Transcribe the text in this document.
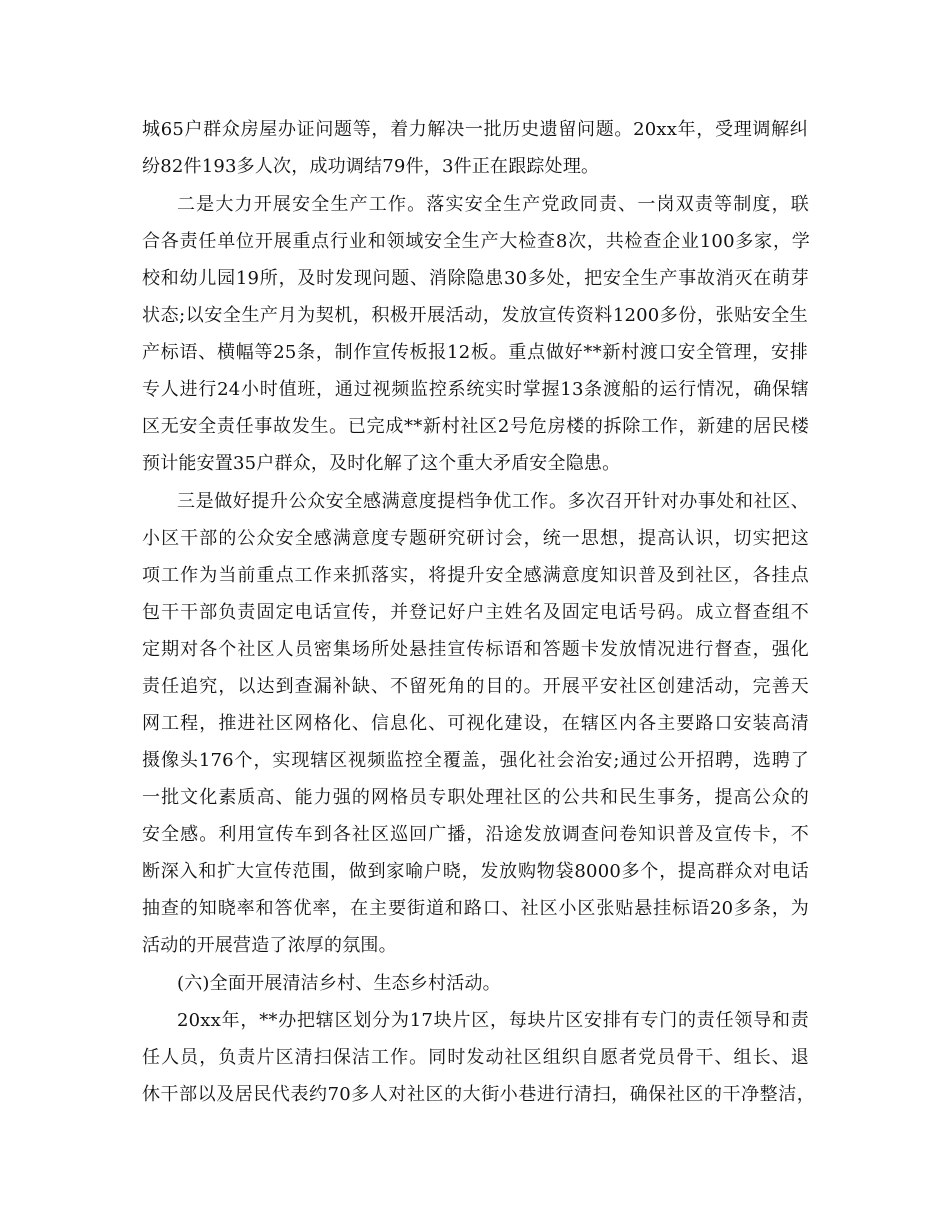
城65户群众房屋办证问题等，着力解决一批历史遗留问题。20xx年，受理调解纠
纷82件193多人次，成功调结79件，3件正在跟踪处理。
二是大力开展安全生产工作。落实安全生产党政同责、一岗双责等制度，联
合各责任单位开展重点行业和领域安全生产大检查8次，共检查企业100多家，学
校和幼儿园19所，及时发现问题、消除隐患30多处，把安全生产事故消灭在萌芽
状态;以安全生产月为契机，积极开展活动，发放宣传资料1200多份，张贴安全生
产标语、横幅等25条，制作宣传板报12板。重点做好**新村渡口安全管理，安排
专人进行24小时值班，通过视频监控系统实时掌握13条渡船的运行情况，确保辖
区无安全责任事故发生。已完成**新村社区2号危房楼的拆除工作，新建的居民楼
预计能安置35户群众，及时化解了这个重大矛盾安全隐患。
三是做好提升公众安全感满意度提档争优工作。多次召开针对办事处和社区、
小区干部的公众安全感满意度专题研究研讨会，统一思想，提高认识，切实把这
项工作为当前重点工作来抓落实，将提升安全感满意度知识普及到社区，各挂点
包干干部负责固定电话宣传，并登记好户主姓名及固定电话号码。成立督查组不
定期对各个社区人员密集场所处悬挂宣传标语和答题卡发放情况进行督查，强化
责任追究，以达到查漏补缺、不留死角的目的。开展平安社区创建活动，完善天
网工程，推进社区网格化、信息化、可视化建设，在辖区内各主要路口安装高清
摄像头176个，实现辖区视频监控全覆盖，强化社会治安;通过公开招聘，选聘了
一批文化素质高、能力强的网格员专职处理社区的公共和民生事务，提高公众的
安全感。利用宣传车到各社区巡回广播，沿途发放调查问卷知识普及宣传卡，不
断深入和扩大宣传范围，做到家喻户晓，发放购物袋8000多个，提高群众对电话
抽查的知晓率和答优率，在主要街道和路口、社区小区张贴悬挂标语20多条，为
活动的开展营造了浓厚的氛围。
(六)全面开展清洁乡村、生态乡村活动。
20xx年，**办把辖区划分为17块片区，每块片区安排有专门的责任领导和责
任人员，负责片区清扫保洁工作。同时发动社区组织自愿者党员骨干、组长、退
休干部以及居民代表约70多人对社区的大街小巷进行清扫，确保社区的干净整洁，
